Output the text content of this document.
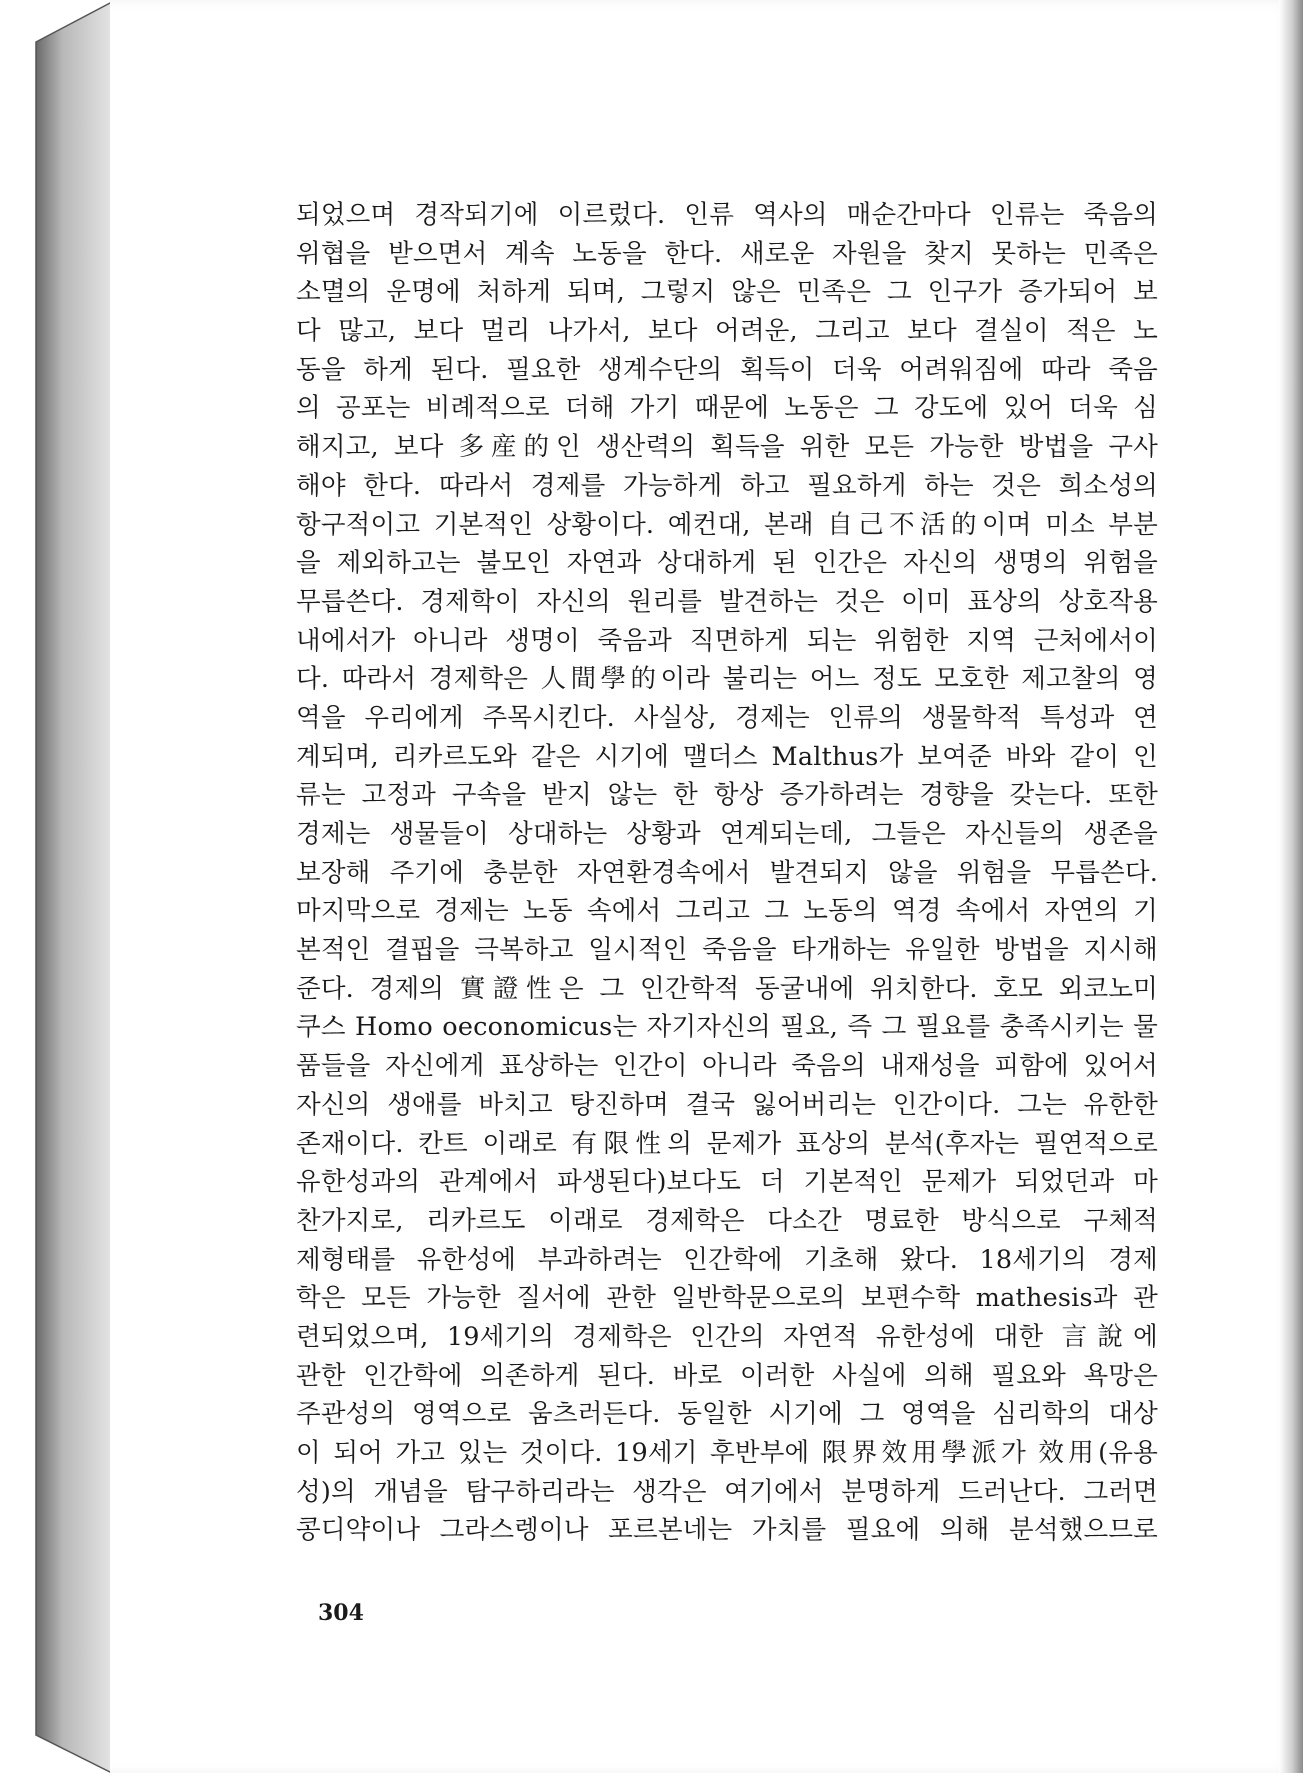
되었으며 경작되기에 이르렀다. 인류 역사의 매순간마다 인류는 죽음의
위협을 받으면서 계속 노동을 한다. 새로운 자원을 찾지 못하는 민족은
소멸의 운명에 처하게 되며, 그렇지 않은 민족은 그 인구가 증가되어 보
다 많고, 보다 멀리 나가서, 보다 어려운, 그리고 보다 결실이 적은 노
동을 하게 된다. 필요한 생계수단의 획득이 더욱 어려워짐에 따라 죽음
의 공포는 비례적으로 더해 가기 때문에 노동은 그 강도에 있어 더욱 심
해지고, 보다 多産的인 생산력의 획득을 위한 모든 가능한 방법을 구사
해야 한다. 따라서 경제를 가능하게 하고 필요하게 하는 것은 희소성의
항구적이고 기본적인 상황이다. 예컨대, 본래 自己不活的이며 미소 부분
을 제외하고는 불모인 자연과 상대하게 된 인간은 자신의 생명의 위험을
무릅쓴다. 경제학이 자신의 원리를 발견하는 것은 이미 표상의 상호작용
내에서가 아니라 생명이 죽음과 직면하게 되는 위험한 지역 근처에서이
다. 따라서 경제학은 人間學的이라 불리는 어느 정도 모호한 제고찰의 영
역을 우리에게 주목시킨다. 사실상, 경제는 인류의 생물학적 특성과 연
계되며, 리카르도와 같은 시기에 맬더스 Malthus가 보여준 바와 같이 인
류는 고정과 구속을 받지 않는 한 항상 증가하려는 경향을 갖는다. 또한
경제는 생물들이 상대하는 상황과 연계되는데, 그들은 자신들의 생존을
보장해 주기에 충분한 자연환경속에서 발견되지 않을 위험을 무릅쓴다.
마지막으로 경제는 노동 속에서 그리고 그 노동의 역경 속에서 자연의 기
본적인 결핍을 극복하고 일시적인 죽음을 타개하는 유일한 방법을 지시해
준다. 경제의 實證性은 그 인간학적 동굴내에 위치한다. 호모 외코노미
쿠스 Homo oeconomicus는 자기자신의 필요, 즉 그 필요를 충족시키는 물
품들을 자신에게 표상하는 인간이 아니라 죽음의 내재성을 피함에 있어서
자신의 생애를 바치고 탕진하며 결국 잃어버리는 인간이다. 그는 유한한
존재이다. 칸트 이래로 有限性의 문제가 표상의 분석(후자는 필연적으로
유한성과의 관계에서 파생된다)보다도 더 기본적인 문제가 되었던과 마
찬가지로, 리카르도 이래로 경제학은 다소간 명료한 방식으로 구체적
제형태를 유한성에 부과하려는 인간학에 기초해 왔다. 18세기의 경제
학은 모든 가능한 질서에 관한 일반학문으로의 보편수학 mathesis과 관
련되었으며, 19세기의 경제학은 인간의 자연적 유한성에 대한 言說에
관한 인간학에 의존하게 된다. 바로 이러한 사실에 의해 필요와 욕망은
주관성의 영역으로 움츠러든다. 동일한 시기에 그 영역을 심리학의 대상
이 되어 가고 있는 것이다. 19세기 후반부에 限界效用學派가 效用(유용
성)의 개념을 탐구하리라는 생각은 여기에서 분명하게 드러난다. 그러면
콩디약이나 그라스렝이나 포르본네는 가치를 필요에 의해 분석했으므로
304
